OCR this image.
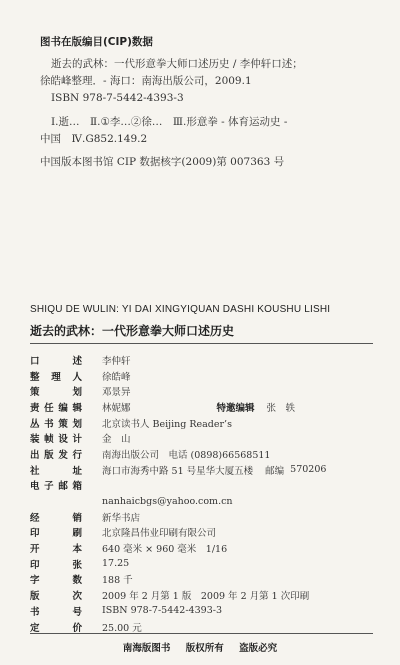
图书在版编目(CIP)数据
逝去的武林：一代形意拳大师口述历史 / 李仲轩口述；
徐皓峰整理．- 海口：南海出版公司，2009.1
ISBN 978-7-5442-4393-3
Ⅰ.逝…　Ⅱ.①李…②徐…　Ⅲ.形意拳 - 体育运动史 -
中国　Ⅳ.G852.149.2
中国版本图书馆 CIP 数据核字(2009)第 007363 号
SHIQU DE WULIN: YI DAI XINGYIQUAN DASHI KOUSHU LISHI
逝去的武林：一代形意拳大师口述历史
口　　述 李仲轩
整 理 人 徐皓峰
策　　划 邓景异
责任编辑 林妮娜	特邀编辑 张　轶
丛书策划 北京读书人 Beijing Reader’s
装帧设计 金　山
出版发行 南海出版公司　电话 (0898)66568511
社　　址 海口市海秀中路 51 号星华大厦五楼 邮编 570206
电子邮箱
nanhaicbgs@yahoo.com.cn
经　　销 新华书店
印　　刷 北京隆昌伟业印刷有限公司
开　　本 640 毫米 × 960 毫米　1/16
印　　张 17.25
字　　数 188 千
版　　次 2009 年 2 月第 1 版　2009 年 2 月第 1 次印刷
书　　号 ISBN 978-7-5442-4393-3
定　　价 25.00 元
南海版图书 版权所有 盗版必究
